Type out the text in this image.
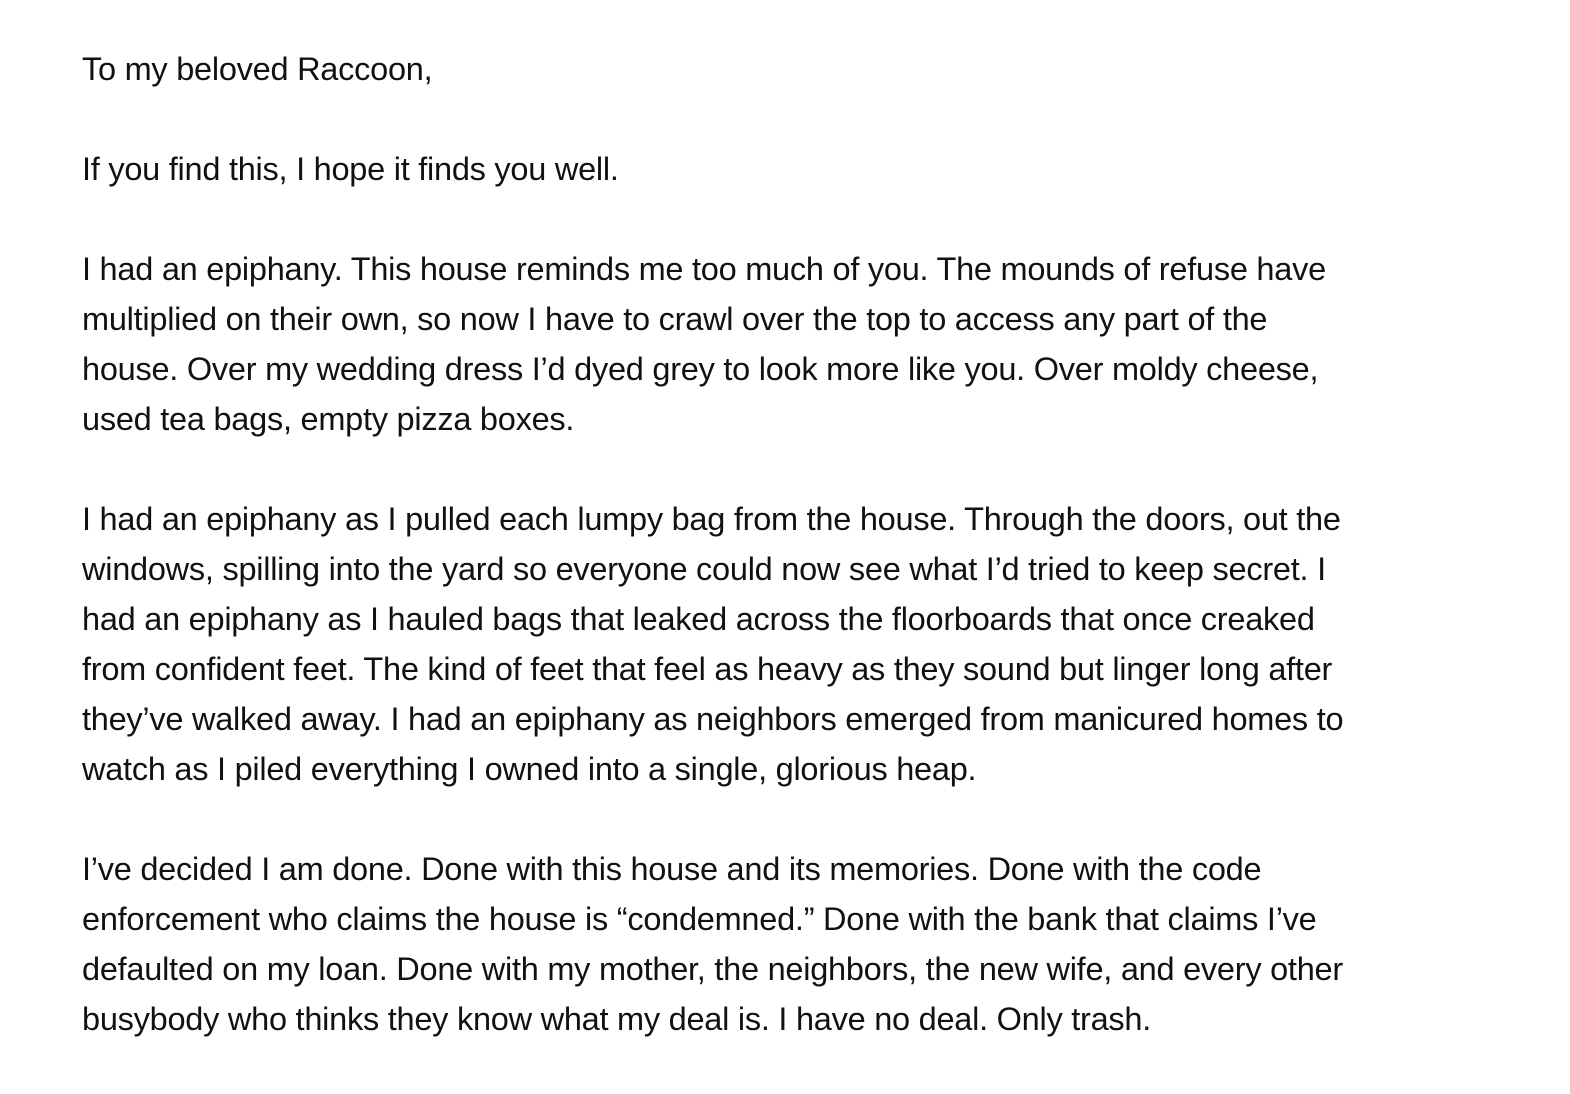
To my beloved Raccoon,

If you find this, I hope it finds you well.

I had an epiphany. This house reminds me too much of you. The mounds of refuse have
multiplied on their own, so now I have to crawl over the top to access any part of the
house. Over my wedding dress I’d dyed grey to look more like you. Over moldy cheese,
used tea bags, empty pizza boxes.

I had an epiphany as I pulled each lumpy bag from the house. Through the doors, out the
windows, spilling into the yard so everyone could now see what I’d tried to keep secret. I
had an epiphany as I hauled bags that leaked across the floorboards that once creaked
from confident feet. The kind of feet that feel as heavy as they sound but linger long after
they’ve walked away. I had an epiphany as neighbors emerged from manicured homes to
watch as I piled everything I owned into a single, glorious heap.

I’ve decided I am done. Done with this house and its memories. Done with the code
enforcement who claims the house is “condemned.” Done with the bank that claims I’ve
defaulted on my loan. Done with my mother, the neighbors, the new wife, and every other
busybody who thinks they know what my deal is. I have no deal. Only trash.
